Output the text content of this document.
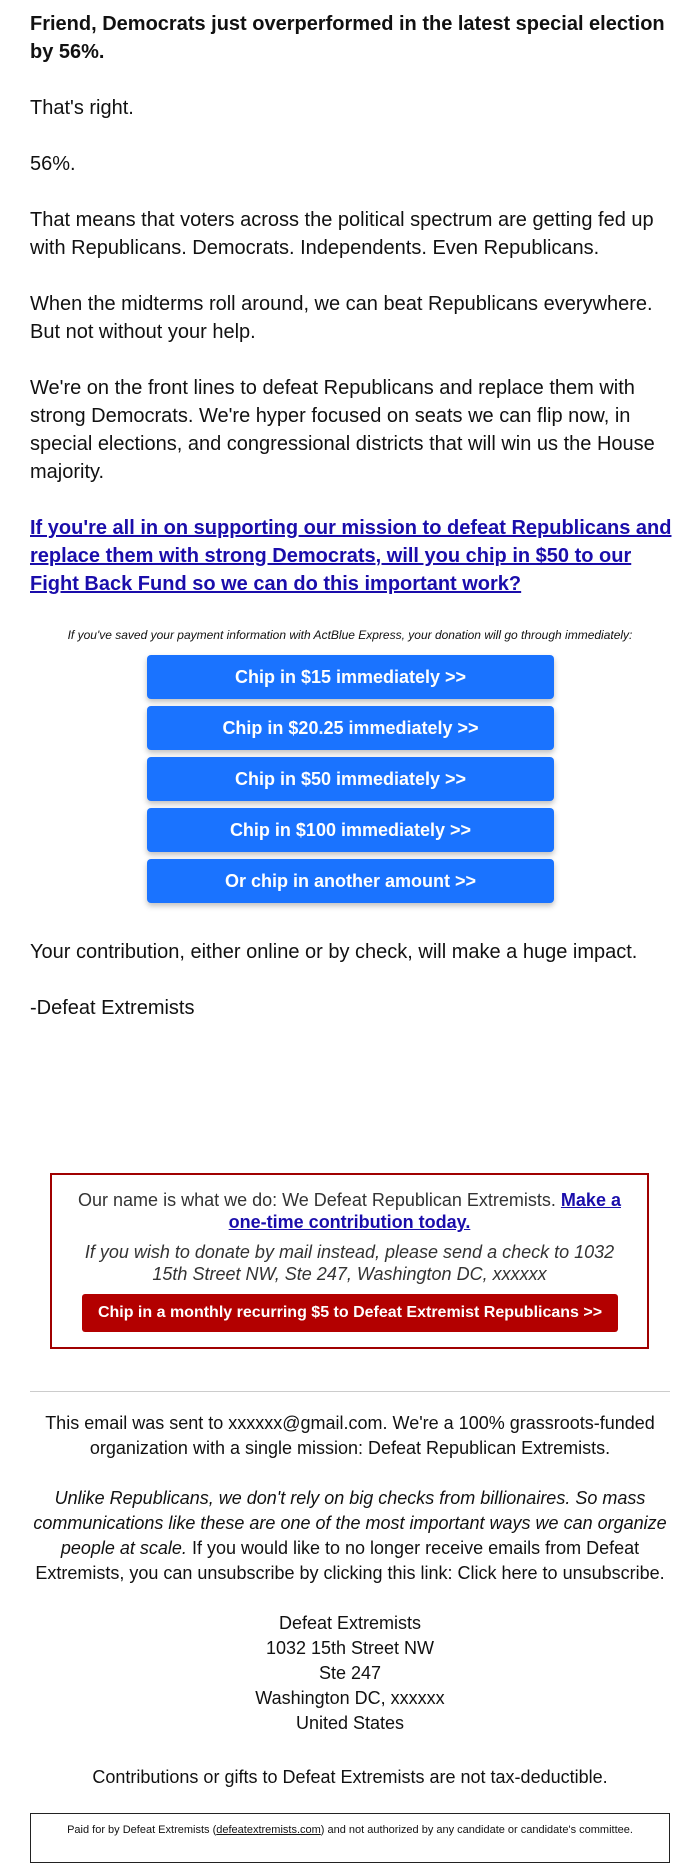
Friend, Democrats just overperformed in the latest special election by 56%.

That's right.

56%.

That means that voters across the political spectrum are getting fed up with Republicans. Democrats. Independents. Even Republicans.

When the midterms roll around, we can beat Republicans everywhere. But not without your help.

We're on the front lines to defeat Republicans and replace them with strong Democrats. We're hyper focused on seats we can flip now, in special elections, and congressional districts that will win us the House majority.

If you're all in on supporting our mission to defeat Republicans and replace them with strong Democrats, will you chip in $50 to our Fight Back Fund so we can do this important work?

If you've saved your payment information with ActBlue Express, your donation will go through immediately:

Chip in $15 immediately >>
Chip in $20.25 immediately >>
Chip in $50 immediately >>
Chip in $100 immediately >>
Or chip in another amount >>

Your contribution, either online or by check, will make a huge impact.

-Defeat Extremists

Our name is what we do: We Defeat Republican Extremists. Make a one-time contribution today.

If you wish to donate by mail instead, please send a check to 1032 15th Street NW, Ste 247, Washington DC, xxxxxx

Chip in a monthly recurring $5 to Defeat Extremist Republicans >>

This email was sent to xxxxxx@gmail.com. We're a 100% grassroots-funded organization with a single mission: Defeat Republican Extremists.

Unlike Republicans, we don't rely on big checks from billionaires. So mass communications like these are one of the most important ways we can organize people at scale. If you would like to no longer receive emails from Defeat Extremists, you can unsubscribe by clicking this link: Click here to unsubscribe.

Defeat Extremists
1032 15th Street NW
Ste 247
Washington DC, xxxxxx
United States

Contributions or gifts to Defeat Extremists are not tax-deductible.

Paid for by Defeat Extremists (defeatextremists.com) and not authorized by any candidate or candidate's committee.
